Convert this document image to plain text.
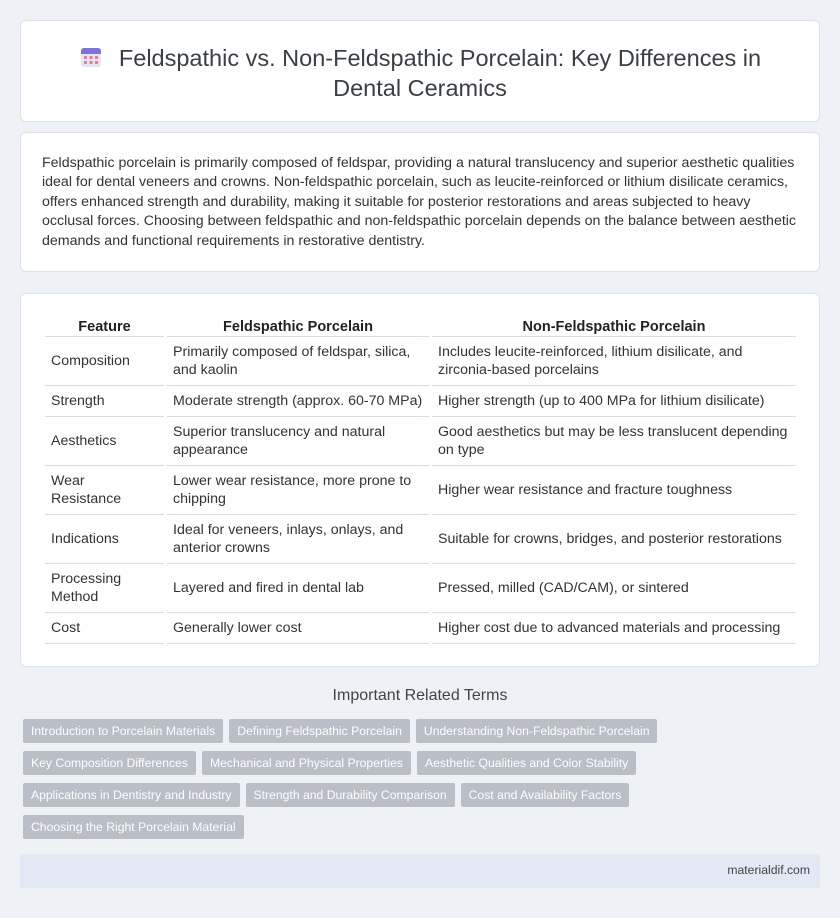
Feldspathic vs. Non-Feldspathic Porcelain: Key Differences in
Dental Ceramics

Feldspathic porcelain is primarily composed of feldspar, providing a natural translucency and superior aesthetic qualities ideal for dental veneers and crowns. Non-feldspathic porcelain, such as leucite-reinforced or lithium disilicate ceramics, offers enhanced strength and durability, making it suitable for posterior restorations and areas subjected to heavy occlusal forces. Choosing between feldspathic and non-feldspathic porcelain depends on the balance between aesthetic demands and functional requirements in restorative dentistry.

Feature	Feldspathic Porcelain	Non-Feldspathic Porcelain
Composition	Primarily composed of feldspar, silica, and kaolin	Includes leucite-reinforced, lithium disilicate, and zirconia-based porcelains
Strength	Moderate strength (approx. 60-70 MPa)	Higher strength (up to 400 MPa for lithium disilicate)
Aesthetics	Superior translucency and natural appearance	Good aesthetics but may be less translucent depending on type
Wear Resistance	Lower wear resistance, more prone to chipping	Higher wear resistance and fracture toughness
Indications	Ideal for veneers, inlays, onlays, and anterior crowns	Suitable for crowns, bridges, and posterior restorations
Processing Method	Layered and fired in dental lab	Pressed, milled (CAD/CAM), or sintered
Cost	Generally lower cost	Higher cost due to advanced materials and processing
Important Related Terms
Introduction to Porcelain Materials	Defining Feldspathic Porcelain	Understanding Non-Feldspathic Porcelain
Key Composition Differences	Mechanical and Physical Properties	Aesthetic Qualities and Color Stability
Applications in Dentistry and Industry	Strength and Durability Comparison	Cost and Availability Factors
Choosing the Right Porcelain Material
materialdif.com
